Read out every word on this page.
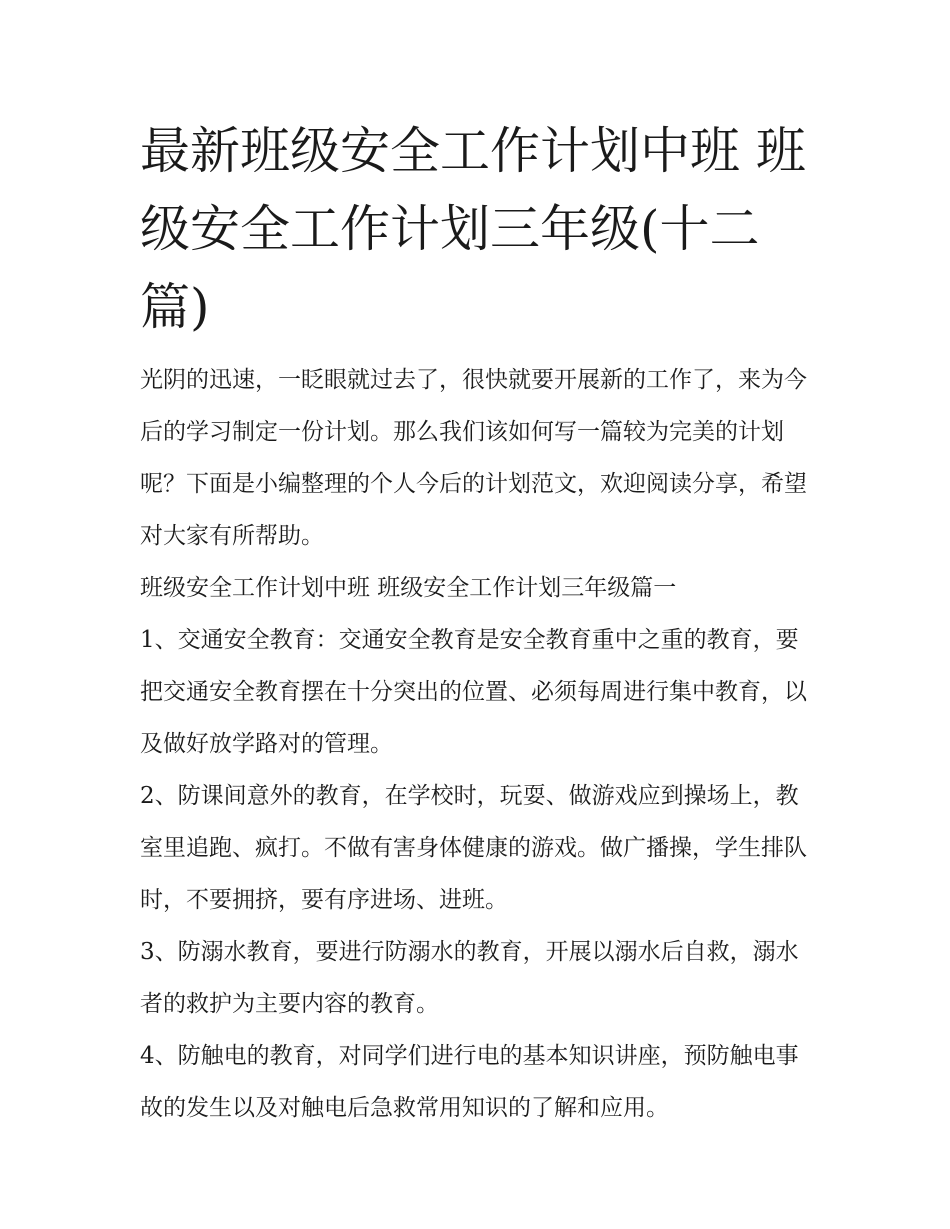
最新班级安全工作计划中班 班级安全工作计划三年级(十二篇)

光阴的迅速，一眨眼就过去了，很快就要开展新的工作了，来为今后的学习制定一份计划。那么我们该如何写一篇较为完美的计划呢？下面是小编整理的个人今后的计划范文，欢迎阅读分享，希望对大家有所帮助。

班级安全工作计划中班 班级安全工作计划三年级篇一

1、交通安全教育：交通安全教育是安全教育重中之重的教育，要把交通安全教育摆在十分突出的位置、必须每周进行集中教育，以及做好放学路对的管理。

2、防课间意外的教育，在学校时，玩耍、做游戏应到操场上，教室里追跑、疯打。不做有害身体健康的游戏。做广播操，学生排队时，不要拥挤，要有序进场、进班。

3、防溺水教育，要进行防溺水的教育，开展以溺水后自救，溺水者的救护为主要内容的教育。

4、防触电的教育，对同学们进行电的基本知识讲座，预防触电事故的发生以及对触电后急救常用知识的了解和应用。
